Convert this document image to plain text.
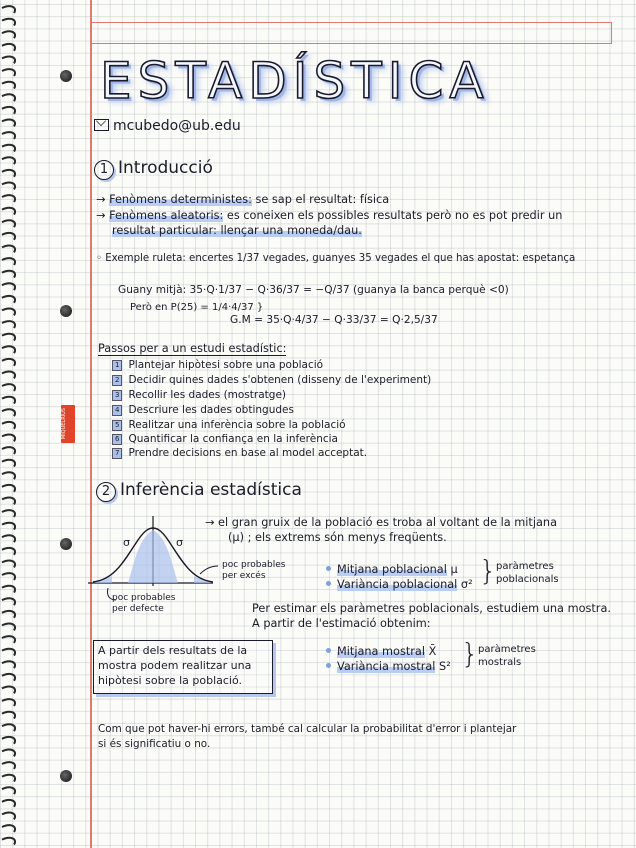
MIQUELRIUS
ESTADÍSTICA
mcubedo@ub.edu
1 Introducció
→ Fenòmens deterministes: se sap el resultat: física
→ Fenòmens aleatoris: es coneixen els possibles resultats però no es pot predir un
resultat particular: llençar una moneda/dau.
◦ Exemple ruleta: encertes 1/37 vegades, guanyes 35 vegades el que has apostat: espetança
Guany mitjà: 35·Q·1/37 − Q·36/37 = −Q/37 (guanya la banca perquè <0)
Però en P(25) = 1/4·4/37 }
G.M = 35·Q·4/37 − Q·33/37 = Q·2,5/37
Passos per a un estudi estadístic:
1 Plantejar hipòtesi sobre una població
2 Decidir quines dades s'obtenen (disseny de l'experiment)
3 Recollir les dades (mostratge)
4 Descriure les dades obtingudes
5 Realitzar una inferència sobre la població
6 Quantificar la confiança en la inferència
7 Prendre decisions en base al model acceptat.
2 Inferència estadística
→ el gran gruix de la població es troba al voltant de la mitjana
(μ) ; els extrems són menys freqüents.
σ	σ
poc probables per excés
poc probables per defecte
Mitjana poblacional μ
Variància poblacional σ² } paràmetres
poblacionals
Per estimar els paràmetres poblacionals, estudiem una mostra.
A partir de l'estimació obtenim:
A partir dels resultats de la mostra podem realitzar una hipòtesi sobre la població.
Mitjana mostral X̄
Variància mostral S² } paràmetres
mostrals
Com que pot haver-hi errors, també cal calcular la probabilitat d'error i plantejar
si és significatiu o no.
